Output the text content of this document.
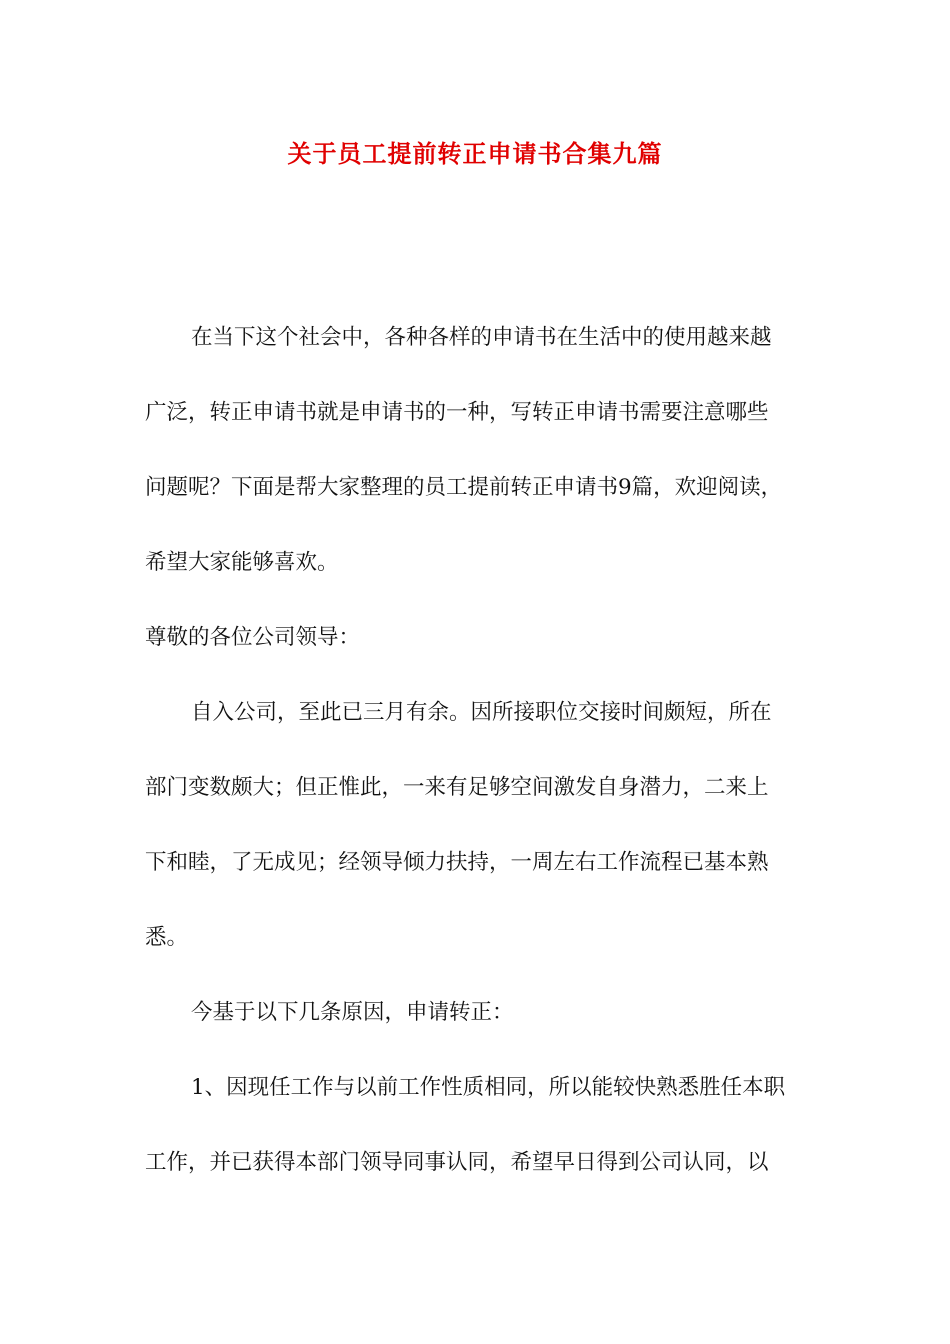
关于员工提前转正申请书合集九篇
在当下这个社会中，各种各样的申请书在生活中的使用越来越
广泛，转正申请书就是申请书的一种，写转正申请书需要注意哪些
问题呢？下面是帮大家整理的员工提前转正申请书9篇，欢迎阅读，
希望大家能够喜欢。
尊敬的各位公司领导：
自入公司，至此已三月有余。因所接职位交接时间颇短，所在
部门变数颇大；但正惟此，一来有足够空间激发自身潜力，二来上
下和睦，了无成见；经领导倾力扶持，一周左右工作流程已基本熟
悉。
今基于以下几条原因，申请转正：
1、因现任工作与以前工作性质相同，所以能较快熟悉胜任本职
工作，并已获得本部门领导同事认同，希望早日得到公司认同，以
